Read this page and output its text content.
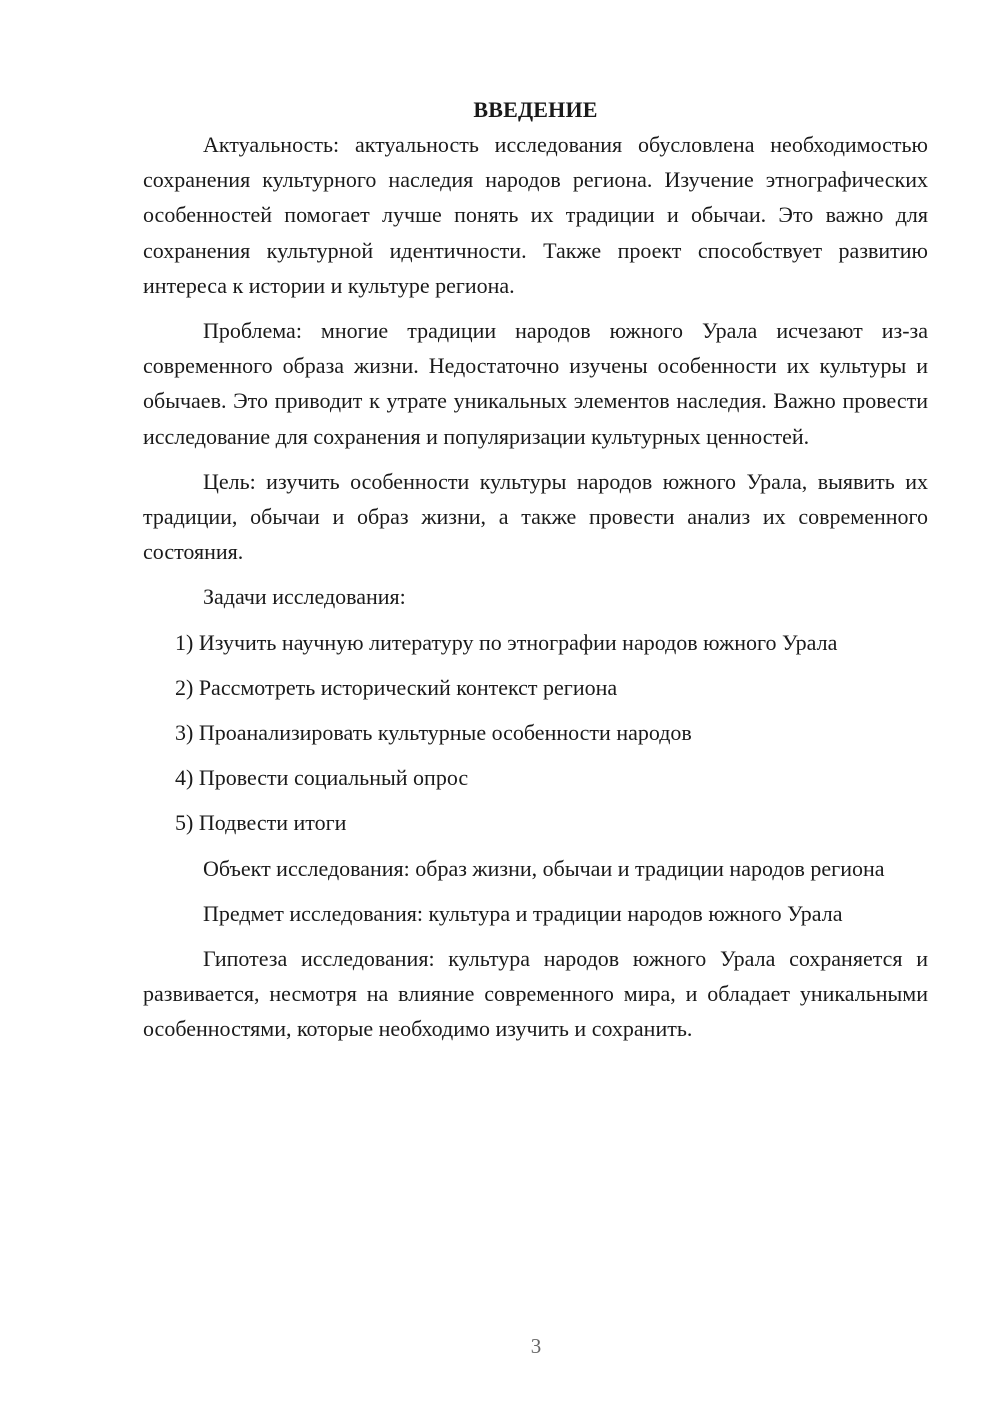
ВВЕДЕНИЕ

Актуальность: актуальность исследования обусловлена необходимостью сохранения культурного наследия народов региона. Изучение этнографических особенностей помогает лучше понять их традиции и обычаи. Это важно для сохранения культурной идентичности. Также проект способствует развитию интереса к истории и культуре региона.

Проблема: многие традиции народов южного Урала исчезают из-за современного образа жизни. Недостаточно изучены особенности их культуры и обычаев. Это приводит к утрате уникальных элементов наследия. Важно провести исследование для сохранения и популяризации культурных ценностей.

Цель: изучить особенности культуры народов южного Урала, выявить их традиции, обычаи и образ жизни, а также провести анализ их современного состояния.

Задачи исследования:

1) Изучить научную литературу по этнографии народов южного Урала

2) Рассмотреть исторический контекст региона

3) Проанализировать культурные особенности народов

4) Провести социальный опрос

5) Подвести итоги

Объект исследования: образ жизни, обычаи и традиции народов региона

Предмет исследования: культура и традиции народов южного Урала

Гипотеза исследования: культура народов южного Урала сохраняется и развивается, несмотря на влияние современного мира, и обладает уникальными особенностями, которые необходимо изучить и сохранить.

3
